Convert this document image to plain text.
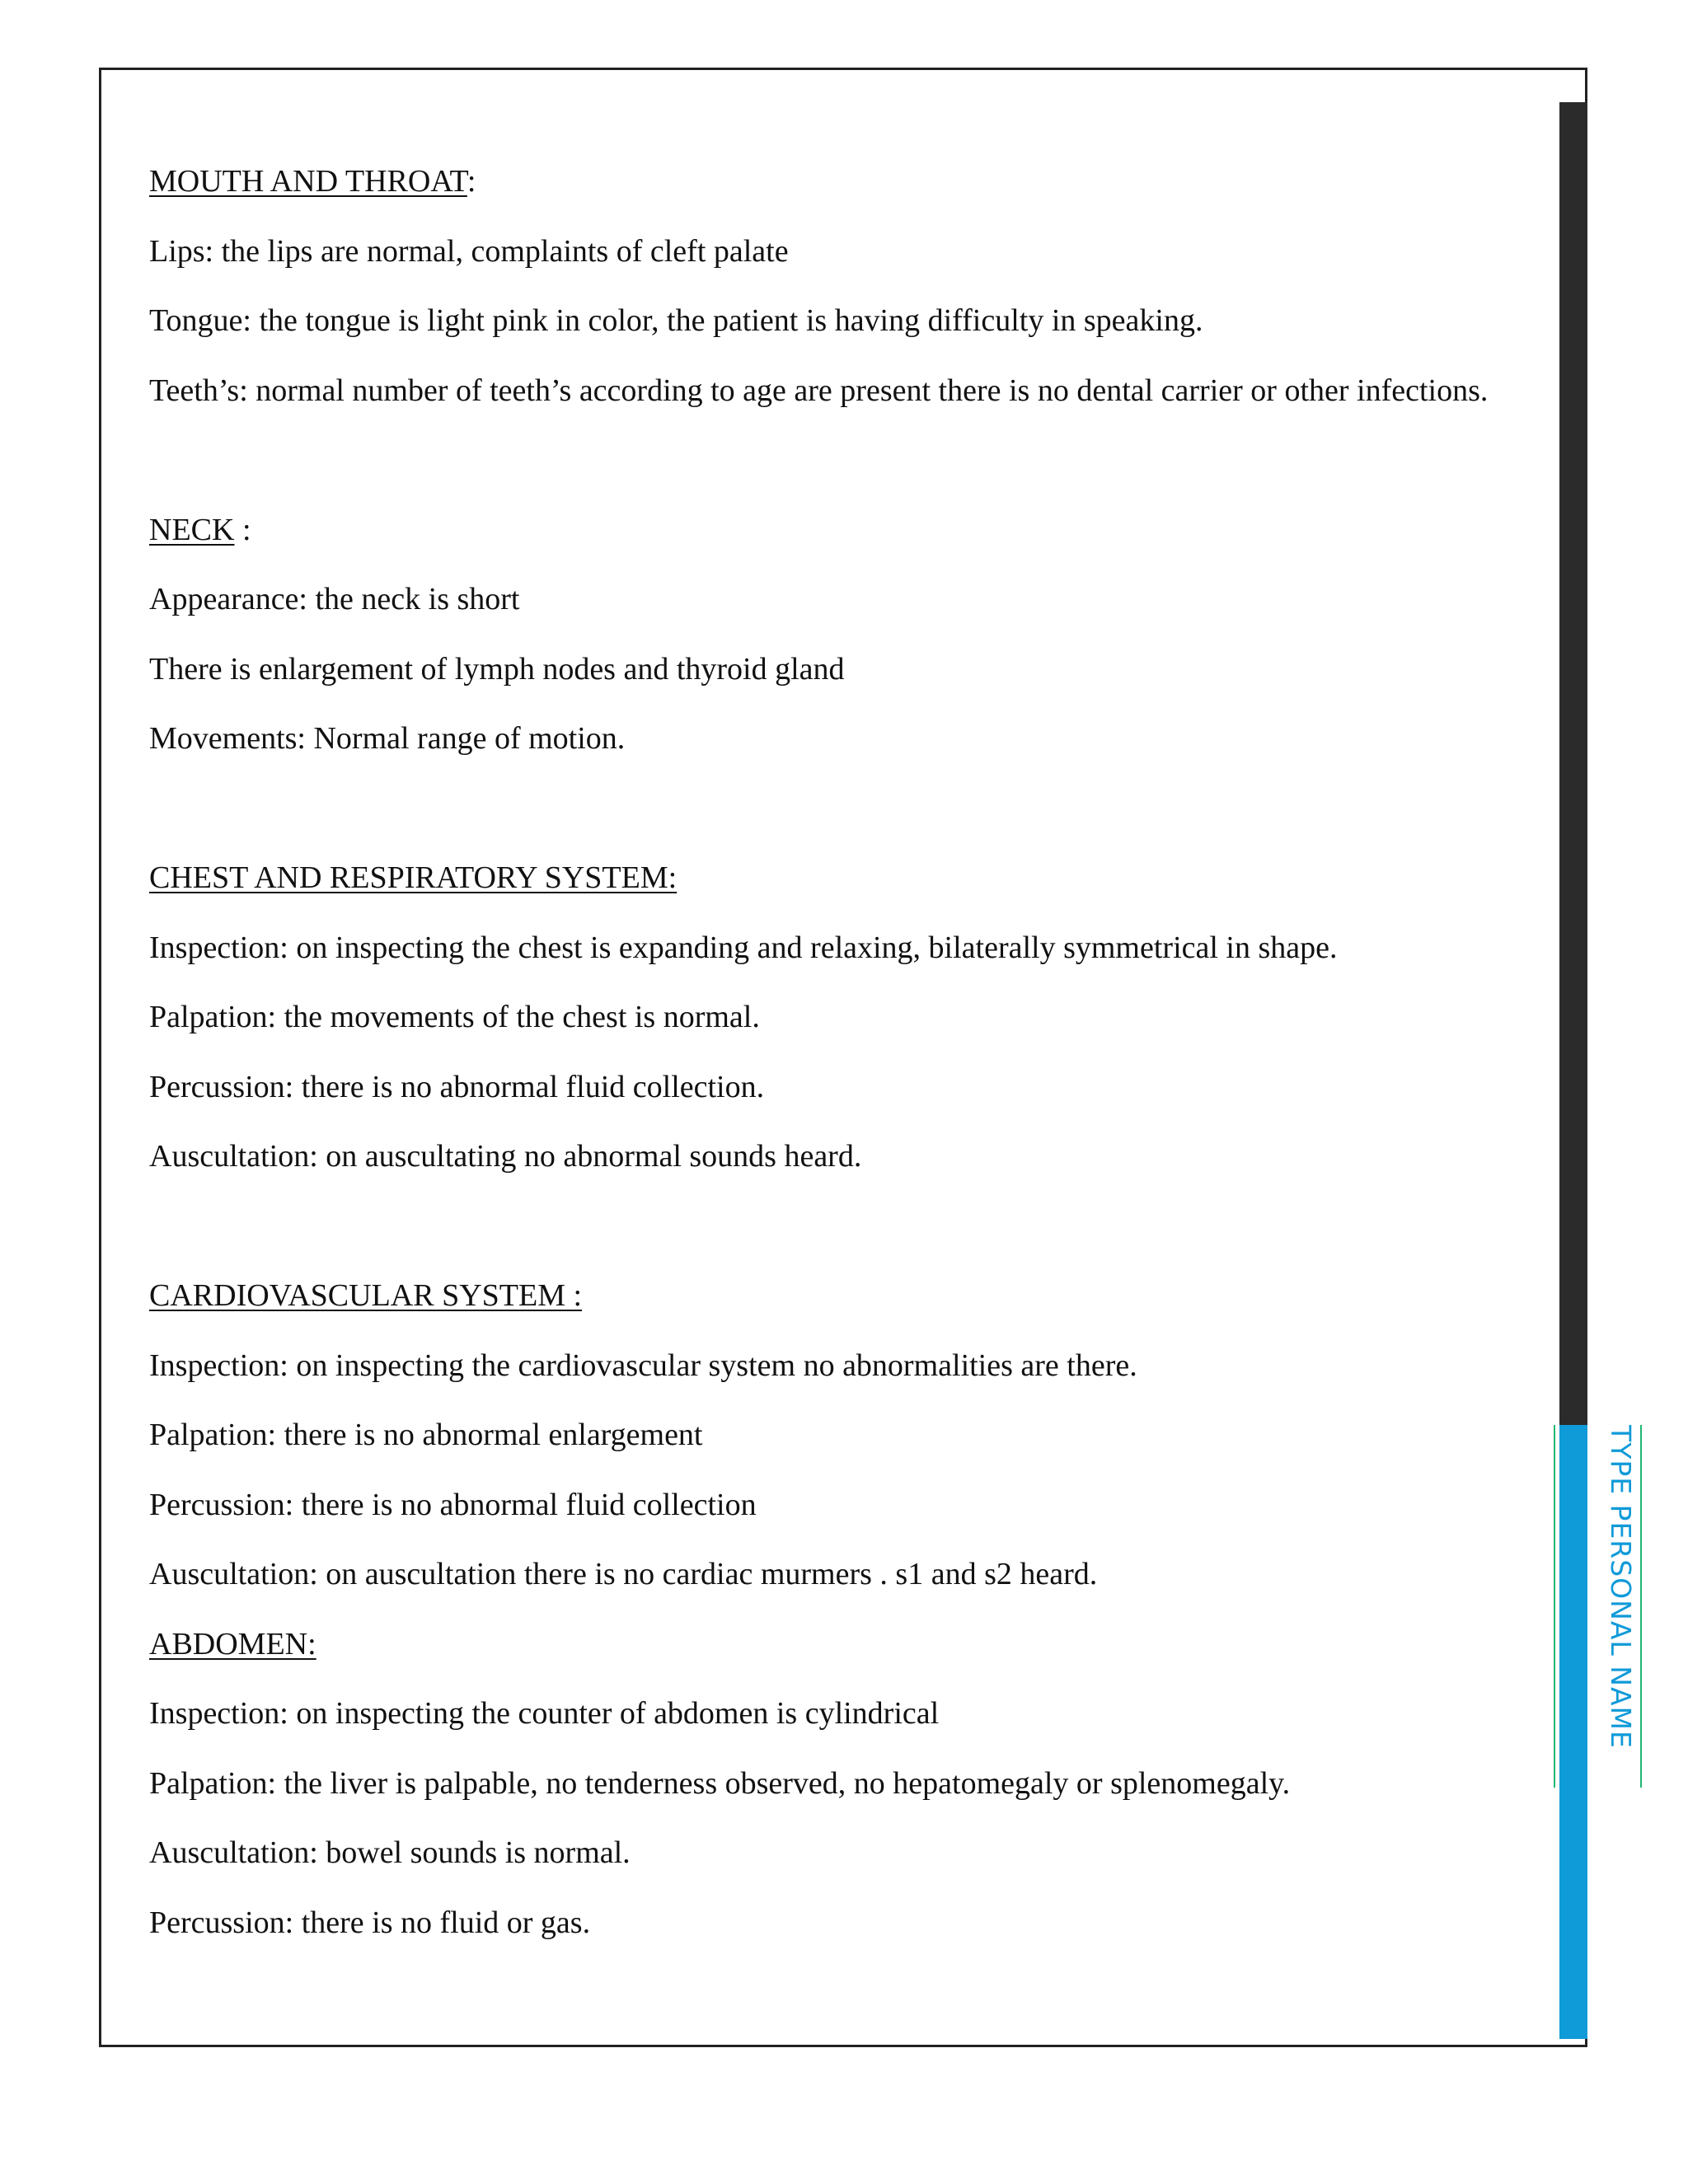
TYPE PERSONAL NAME
MOUTH AND THROAT:
Lips: the lips are normal, complaints of cleft palate
Tongue: the tongue is light pink in color, the patient is having difficulty in speaking.
Teeth’s: normal number of teeth’s according to age are present there is no dental carrier or other infections.
NECK :
Appearance: the neck is short
There is enlargement of lymph nodes and thyroid gland
Movements: Normal range of motion.
CHEST AND RESPIRATORY SYSTEM:
Inspection: on inspecting the chest is expanding and relaxing, bilaterally symmetrical in shape.
Palpation: the movements of the chest is normal.
Percussion: there is no abnormal fluid collection.
Auscultation: on auscultating no abnormal sounds heard.
CARDIOVASCULAR SYSTEM :
Inspection: on inspecting the cardiovascular system no abnormalities are there.
Palpation: there is no abnormal enlargement
Percussion: there is no abnormal fluid collection
Auscultation: on auscultation there is no cardiac murmers . s1 and s2 heard.
ABDOMEN:
Inspection: on inspecting the counter of abdomen is cylindrical
Palpation: the liver is palpable, no tenderness observed, no hepatomegaly or splenomegaly.
Auscultation: bowel sounds is normal.
Percussion: there is no fluid or gas.
